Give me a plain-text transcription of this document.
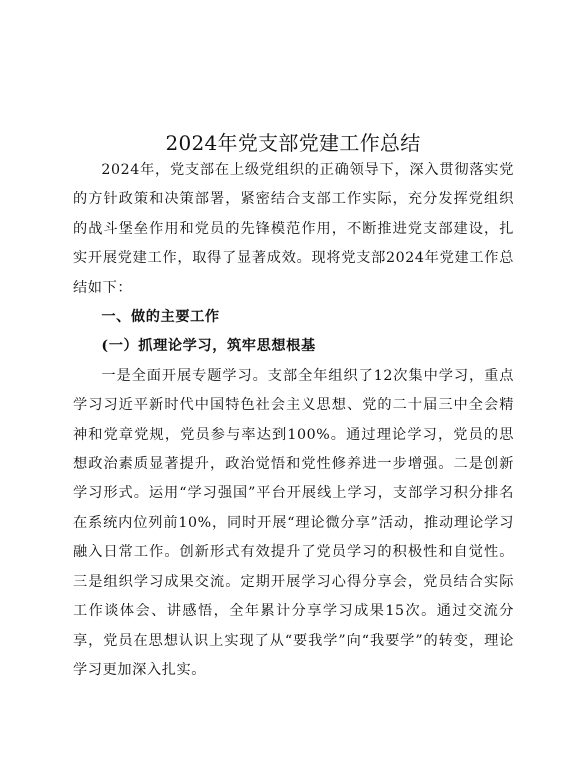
2024年党支部党建工作总结

2024年，党支部在上级党组织的正确领导下，深入贯彻落实党的方针政策和决策部署，紧密结合支部工作实际，充分发挥党组织的战斗堡垒作用和党员的先锋模范作用，不断推进党支部建设，扎实开展党建工作，取得了显著成效。现将党支部2024年党建工作总结如下：

一、做的主要工作

(一）抓理论学习，筑牢思想根基

一是全面开展专题学习。支部全年组织了12次集中学习，重点学习习近平新时代中国特色社会主义思想、党的二十届三中全会精神和党章党规，党员参与率达到100%。通过理论学习，党员的思想政治素质显著提升，政治觉悟和党性修养进一步增强。二是创新学习形式。运用“学习强国”平台开展线上学习，支部学习积分排名在系统内位列前10%，同时开展“理论微分享”活动，推动理论学习融入日常工作。创新形式有效提升了党员学习的积极性和自觉性。三是组织学习成果交流。定期开展学习心得分享会，党员结合实际工作谈体会、讲感悟，全年累计分享学习成果15次。通过交流分享，党员在思想认识上实现了从“要我学”向“我要学”的转变，理论学习更加深入扎实。
